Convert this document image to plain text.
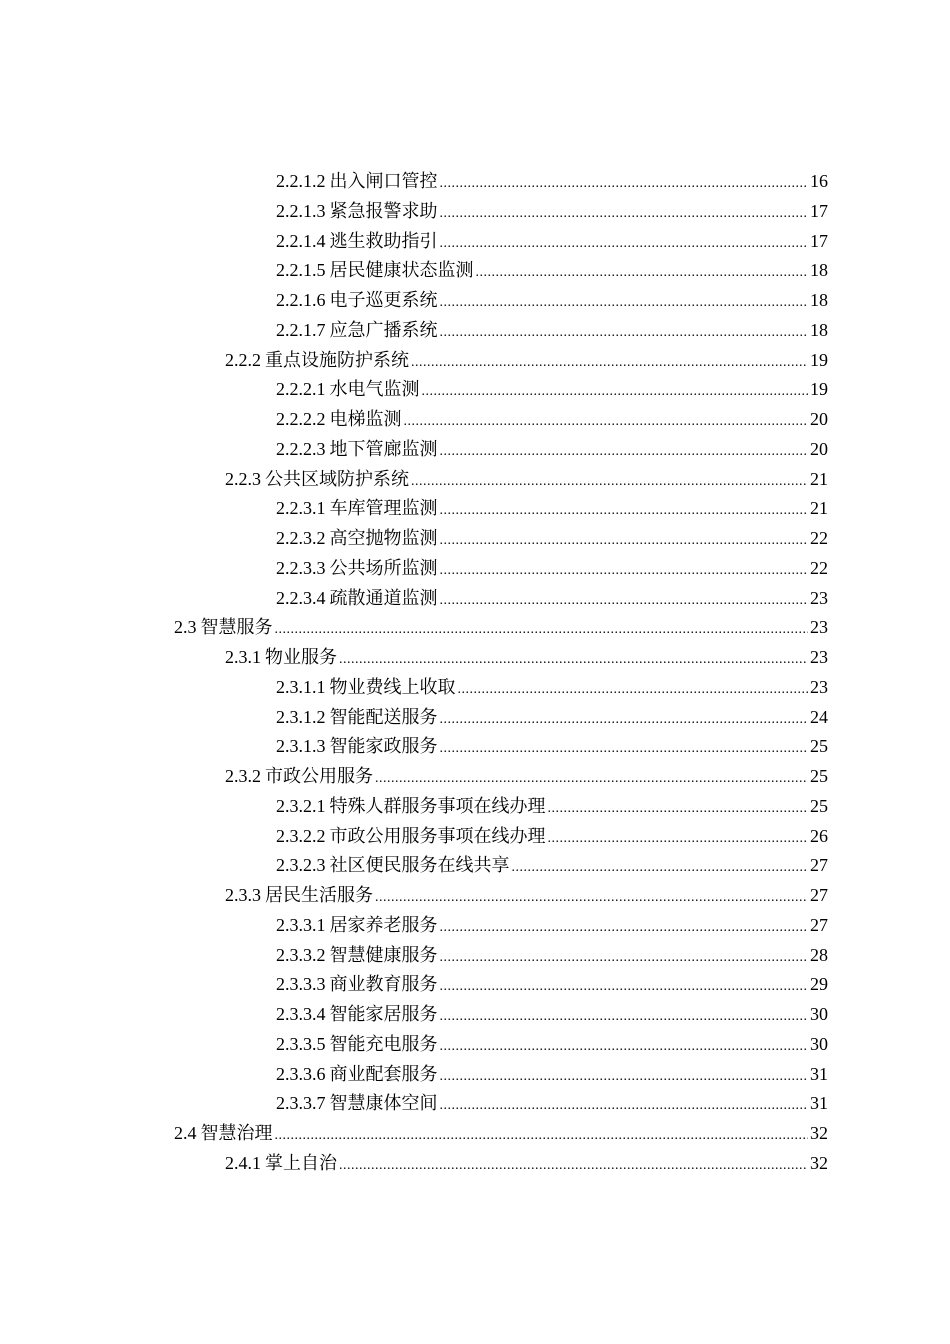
2.2.1.2 出入闸口管控 .....	16
2.2.1.3 紧急报警求助 .....	17
2.2.1.4 逃生救助指引 .....	17
2.2.1.5 居民健康状态监测 .....	18
2.2.1.6 电子巡更系统 .....	18
2.2.1.7 应急广播系统 .....	18
2.2.2 重点设施防护系统 .....	19
2.2.2.1 水电气监测 .....	19
2.2.2.2 电梯监测 .....	20
2.2.2.3 地下管廊监测 .....	20
2.2.3 公共区域防护系统 .....	21
2.2.3.1 车库管理监测 .....	21
2.2.3.2 高空抛物监测 .....	22
2.2.3.3 公共场所监测 .....	22
2.2.3.4 疏散通道监测 .....	23
2.3 智慧服务 .....	23
2.3.1 物业服务 .....	23
2.3.1.1 物业费线上收取 .....	23
2.3.1.2 智能配送服务 .....	24
2.3.1.3 智能家政服务 .....	25
2.3.2 市政公用服务 .....	25
2.3.2.1 特殊人群服务事项在线办理 .....	25
2.3.2.2 市政公用服务事项在线办理 .....	26
2.3.2.3 社区便民服务在线共享 .....	27
2.3.3 居民生活服务 .....	27
2.3.3.1 居家养老服务 .....	27
2.3.3.2 智慧健康服务 .....	28
2.3.3.3 商业教育服务 .....	29
2.3.3.4 智能家居服务 .....	30
2.3.3.5 智能充电服务 .....	30
2.3.3.6 商业配套服务 .....	31
2.3.3.7 智慧康体空间 .....	31
2.4 智慧治理 .....	32
2.4.1 掌上自治 .....	32
